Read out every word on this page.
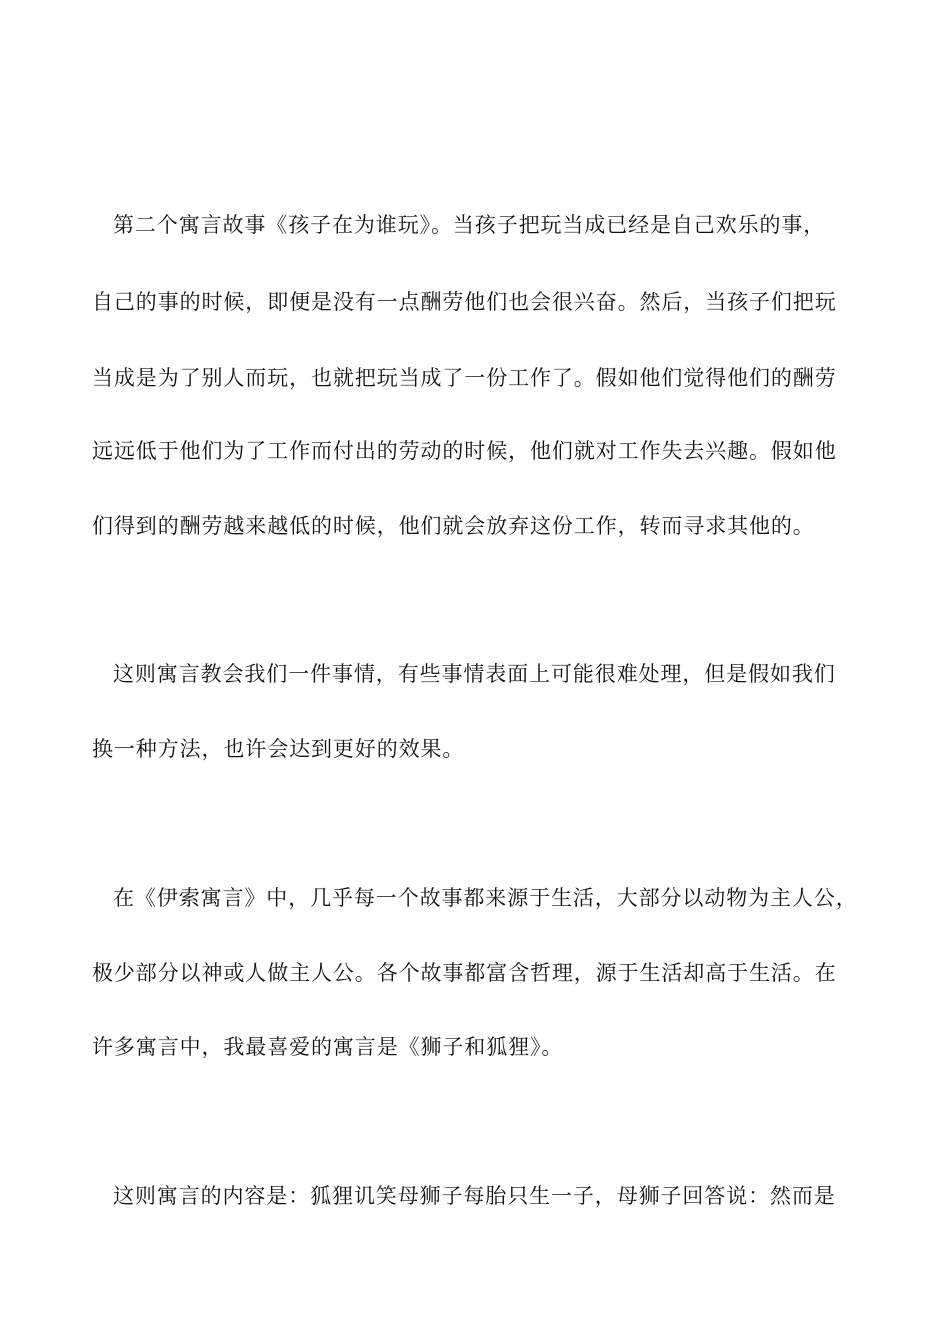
第二个寓言故事《孩子在为谁玩》。当孩子把玩当成已经是自己欢乐的事，
自己的事的时候，即便是没有一点酬劳他们也会很兴奋。然后，当孩子们把玩
当成是为了别人而玩，也就把玩当成了一份工作了。假如他们觉得他们的酬劳
远远低于他们为了工作而付出的劳动的时候，他们就对工作失去兴趣。假如他
们得到的酬劳越来越低的时候，他们就会放弃这份工作，转而寻求其他的。
这则寓言教会我们一件事情，有些事情表面上可能很难处理，但是假如我们
换一种方法，也许会达到更好的效果。
在《伊索寓言》中，几乎每一个故事都来源于生活，大部分以动物为主人公，
极少部分以神或人做主人公。各个故事都富含哲理，源于生活却高于生活。在
许多寓言中，我最喜爱的寓言是《狮子和狐狸》。
这则寓言的内容是：狐狸讥笑母狮子每胎只生一子，母狮子回答说：然而是
